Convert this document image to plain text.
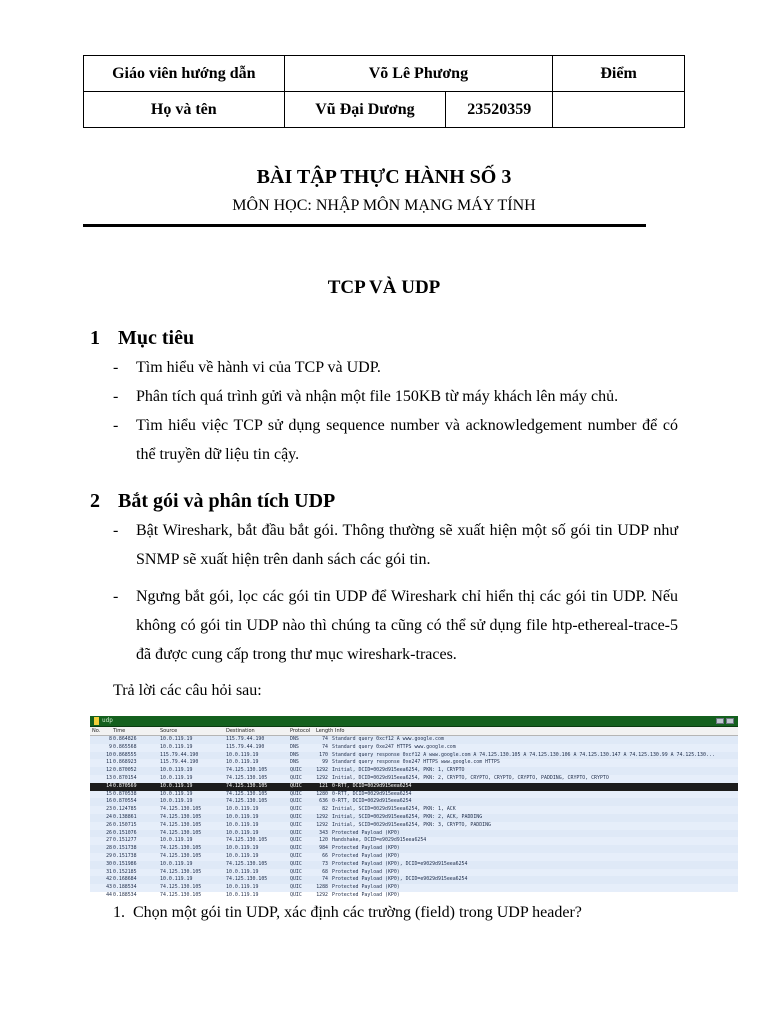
Giáo viên hướng dẫn	Võ Lê Phương		Điểm
Họ và tên	Vũ Đại Dương	23520359	
BÀI TẬP THỰC HÀNH SỐ 3
MÔN HỌC: NHẬP MÔN MẠNG MÁY TÍNH
TCP VÀ UDP
1 Mục tiêu
- Tìm hiểu về hành vi của TCP và UDP.
- Phân tích quá trình gửi và nhận một file 150KB từ máy khách lên máy chủ.
- Tìm hiểu việc TCP sử dụng sequence number và acknowledgement number để có thể truyền dữ liệu tin cậy.
2 Bắt gói và phân tích UDP
- Bật Wireshark, bắt đầu bắt gói. Thông thường sẽ xuất hiện một số gói tin UDP như SNMP sẽ xuất hiện trên danh sách các gói tin.
- Ngưng bắt gói, lọc các gói tin UDP để Wireshark chỉ hiển thị các gói tin UDP. Nếu không có gói tin UDP nào thì chúng ta cũng có thể sử dụng file htp-ethereal-trace-5 đã được cung cấp trong thư mục wireshark-traces.
Trả lời các câu hỏi sau:
udp
No.	Time	Source	Destination	Protocol Length Info
8 0.864826	10.0.119.19	115.79.44.190	DNS	74 Standard query 0xcf12 A www.google.com
9 0.865568	10.0.119.19	115.79.44.190	DNS	74 Standard query 0xe247 HTTPS www.google.com
10 0.868555	115.79.44.190	10.0.119.19	DNS	170 Standard query response 0xcf12 A www.google.com A 74.125.130.105 A 74.125.130.106 A 74.125.130.147 A 74.125.130.99 A 74.125.130...
11 0.868923	115.79.44.190	10.0.119.19	DNS	99 Standard query response 0xe247 HTTPS www.google.com HTTPS
12 0.870052	10.0.119.19	74.125.130.105	QUIC	1292 Initial, DCID=0029d915eea6254, PKN: 1, CRYPTO
13 0.870154	10.0.119.19	74.125.130.105	QUIC	1292 Initial, DCID=0029d915eea6254, PKN: 2, CRYPTO, CRYPTO, CRYPTO, CRYPTO, PADDING, CRYPTO, CRYPTO
14 0.870569	10.0.119.19	74.125.130.105	QUIC	121 0-RTT, DCID=0029d915eea6254
15 0.870538	10.0.119.19	74.125.130.105	QUIC	1280 0-RTT, DCID=0029d915eea6254
16 0.870554	10.0.119.19	74.125.130.105	QUIC	636 0-RTT, DCID=0029d915eea6254
23 0.124785	74.125.130.105	10.0.119.19	QUIC	82 Initial, SCID=0029d915eea6254, PKN: 1, ACK
24 0.138861	74.125.130.105	10.0.119.19	QUIC	1292 Initial, SCID=0029d915eea6254, PKN: 2, ACK, PADDING
26 0.150715	74.125.130.105	10.0.119.19	QUIC	1292 Initial, SCID=0029d915eea6254, PKN: 3, CRYPTO, PADDING
26 0.151076	74.125.130.105	10.0.119.19	QUIC	343 Protected Payload (KP0)
27 0.151277	10.0.119.19	74.125.130.105	QUIC	120 Handshake, DCID=e9029d915eea6254
28 0.151738	74.125.130.105	10.0.119.19	QUIC	984 Protected Payload (KP0)
29 0.151738	74.125.130.105	10.0.119.19	QUIC	66 Protected Payload (KP0)
30 0.151986	10.0.119.19	74.125.130.105	QUIC	73 Protected Payload (KP0), DCID=e9029d915eea6254
31 0.152185	74.125.130.105	10.0.119.19	QUIC	68 Protected Payload (KP0)
42 0.168684	10.0.119.19	74.125.130.105	QUIC	74 Protected Payload (KP0), DCID=e9029d915eea6254
43 0.188534	74.125.130.105	10.0.119.19	QUIC	1288 Protected Payload (KP0)
44 0.188534	74.125.130.105	10.0.119.19	QUIC	1292 Protected Payload (KP0)
1.  Chọn một gói tin UDP, xác định các trường (field) trong UDP header?
